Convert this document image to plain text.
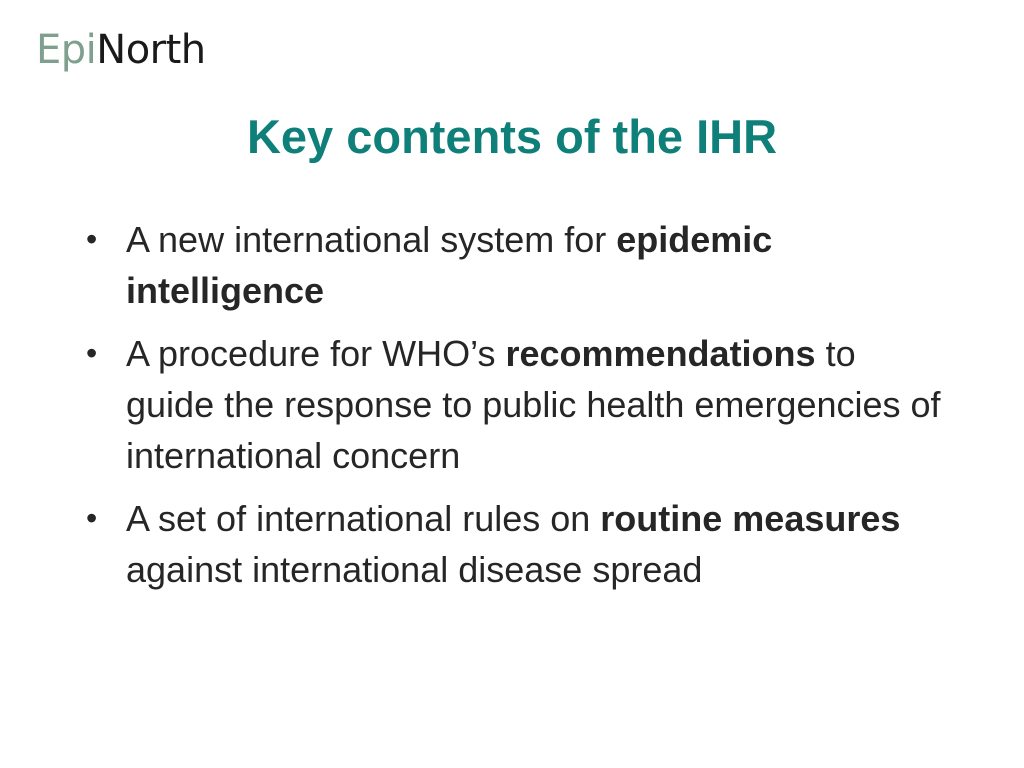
Epi North
Key contents of the IHR
• A new international system for epidemic intelligence
• A procedure for WHO’s recommendations to guide the response to public health emergencies of international concern
• A set of international rules on routine measures against international disease spread
